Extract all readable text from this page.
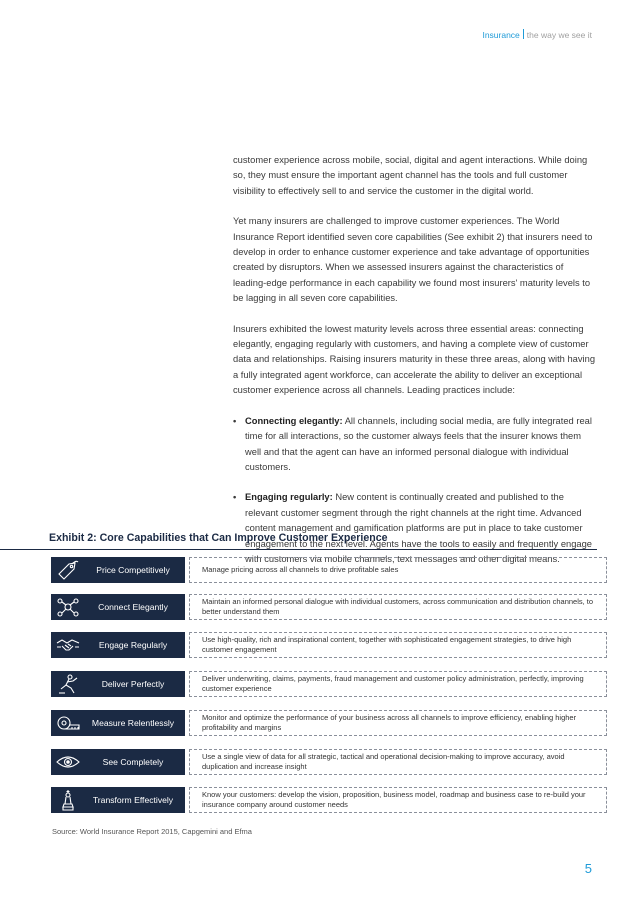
Insurance the way we see it

customer experience across mobile, social, digital and agent interactions. While doing so, they must ensure the important agent channel has the tools and full customer visibility to effectively sell to and service the customer in the digital world.

Yet many insurers are challenged to improve customer experiences. The World Insurance Report identified seven core capabilities (See exhibit 2) that insurers need to develop in order to enhance customer experience and take advantage of opportunities created by disruptors. When we assessed insurers against the characteristics of leading-edge performance in each capability we found most insurers' maturity levels to be lagging in all seven core capabilities.

Insurers exhibited the lowest maturity levels across three essential areas: connecting elegantly, engaging regularly with customers, and having a complete view of customer data and relationships. Raising insurers maturity in these three areas, along with having a fully integrated agent workforce, can accelerate the ability to deliver an exceptional customer experience across all channels. Leading practices include:

• Connecting elegantly: All channels, including social media, are fully integrated real time for all interactions, so the customer always feels that the insurer knows them well and that the agent can have an informed personal dialogue with individual customers.
• Engaging regularly: New content is continually created and published to the relevant customer segment through the right channels at the right time. Advanced content management and gamification platforms are put in place to take customer engagement to the next level. Agents have the tools to easily and frequently engage with customers via mobile channels, text messages and other digital means.
Exhibit 2: Core Capabilities that Can Improve Customer Experience
Price Competitively	Manage pricing across all channels to drive profitable sales
Connect Elegantly
Maintain an informed personal dialogue with individual customers, across communication and distribution channels, to better understand them
Engage Regularly
Use high-quality, rich and inspirational content, together with sophisticated engagement strategies, to drive high customer engagement
Deliver Perfectly
Deliver underwriting, claims, payments, fraud management and customer policy administration, perfectly, improving customer experience
Measure Relentlessly
Monitor and optimize the performance of your business across all channels to improve efficiency, enabling higher profitability and margins
See Completely
Use a single view of data for all strategic, tactical and operational decision-making to improve accuracy, avoid duplication and increase insight
Transform Effectively
Know your customers: develop the vision, proposition, business model, roadmap and business case to re-build your insurance company around customer needs
Source: World Insurance Report 2015, Capgemini and Efma
5
